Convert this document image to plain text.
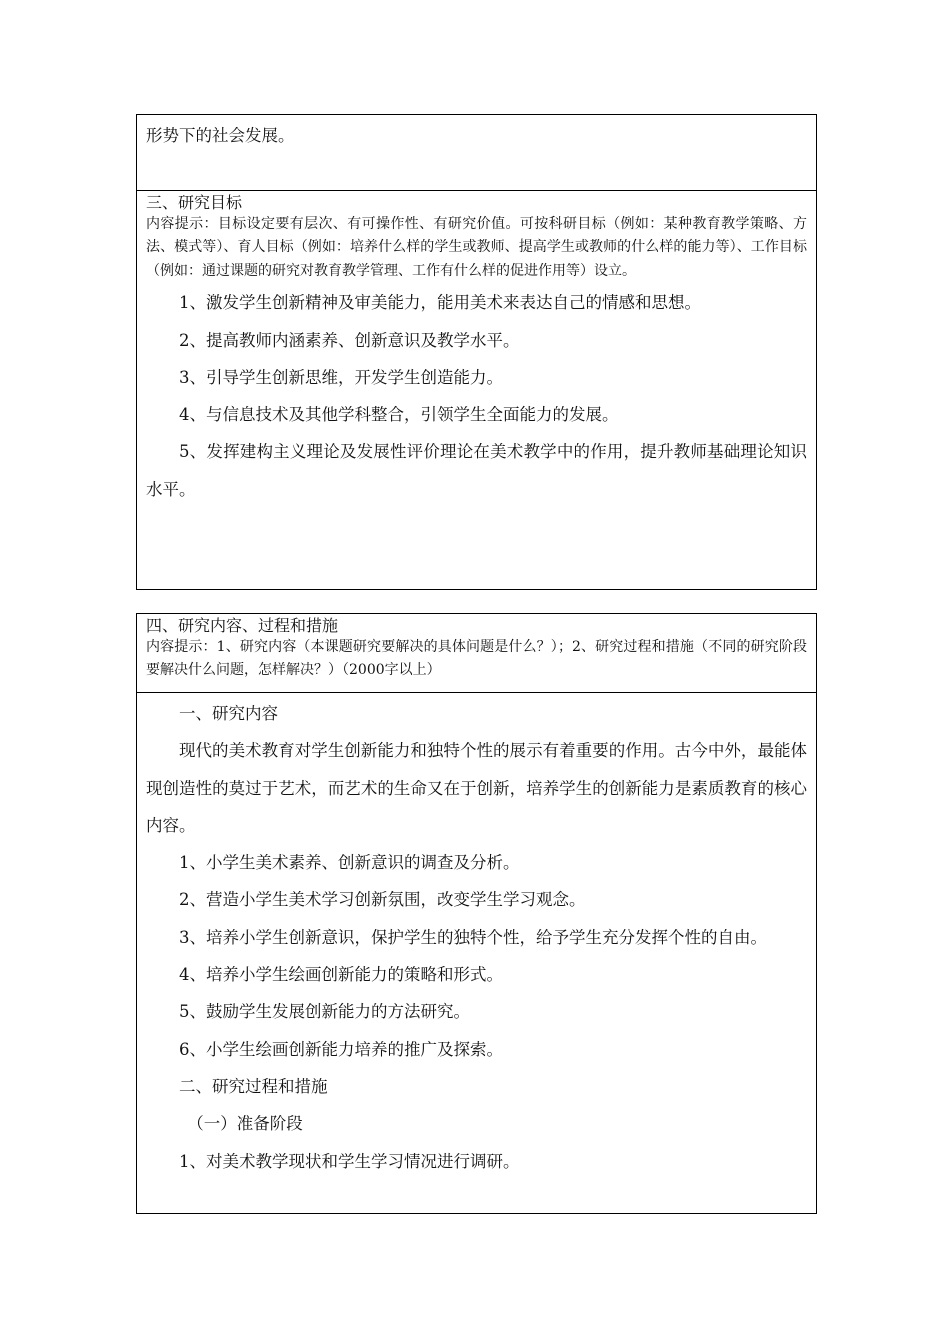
形势下的社会发展。

三、研究目标

内容提示：目标设定要有层次、有可操作性、有研究价值。可按科研目标（例如：某种教育教学策略、方法、模式等）、育人目标（例如：培养什么样的学生或教师、提高学生或教师的什么样的能力等）、工作目标（例如：通过课题的研究对教育教学管理、工作有什么样的促进作用等）设立。

1、激发学生创新精神及审美能力，能用美术来表达自己的情感和思想。

2、提高教师内涵素养、创新意识及教学水平。

3、引导学生创新思维，开发学生创造能力。

4、与信息技术及其他学科整合，引领学生全面能力的发展。

5、发挥建构主义理论及发展性评价理论在美术教学中的作用，提升教师基础理论知识水平。

四、研究内容、过程和措施

内容提示：1、研究内容（本课题研究要解决的具体问题是什么？）；2、研究过程和措施（不同的研究阶段要解决什么问题，怎样解决？）（2000字以上）

一、研究内容

现代的美术教育对学生创新能力和独特个性的展示有着重要的作用。古今中外，最能体现创造性的莫过于艺术，而艺术的生命又在于创新，培养学生的创新能力是素质教育的核心内容。

1、小学生美术素养、创新意识的调查及分析。

2、营造小学生美术学习创新氛围，改变学生学习观念。

3、培养小学生创新意识，保护学生的独特个性，给予学生充分发挥个性的自由。

4、培养小学生绘画创新能力的策略和形式。

5、鼓励学生发展创新能力的方法研究。

6、小学生绘画创新能力培养的推广及探索。

二、研究过程和措施

（一）准备阶段

1、对美术教学现状和学生学习情况进行调研。
